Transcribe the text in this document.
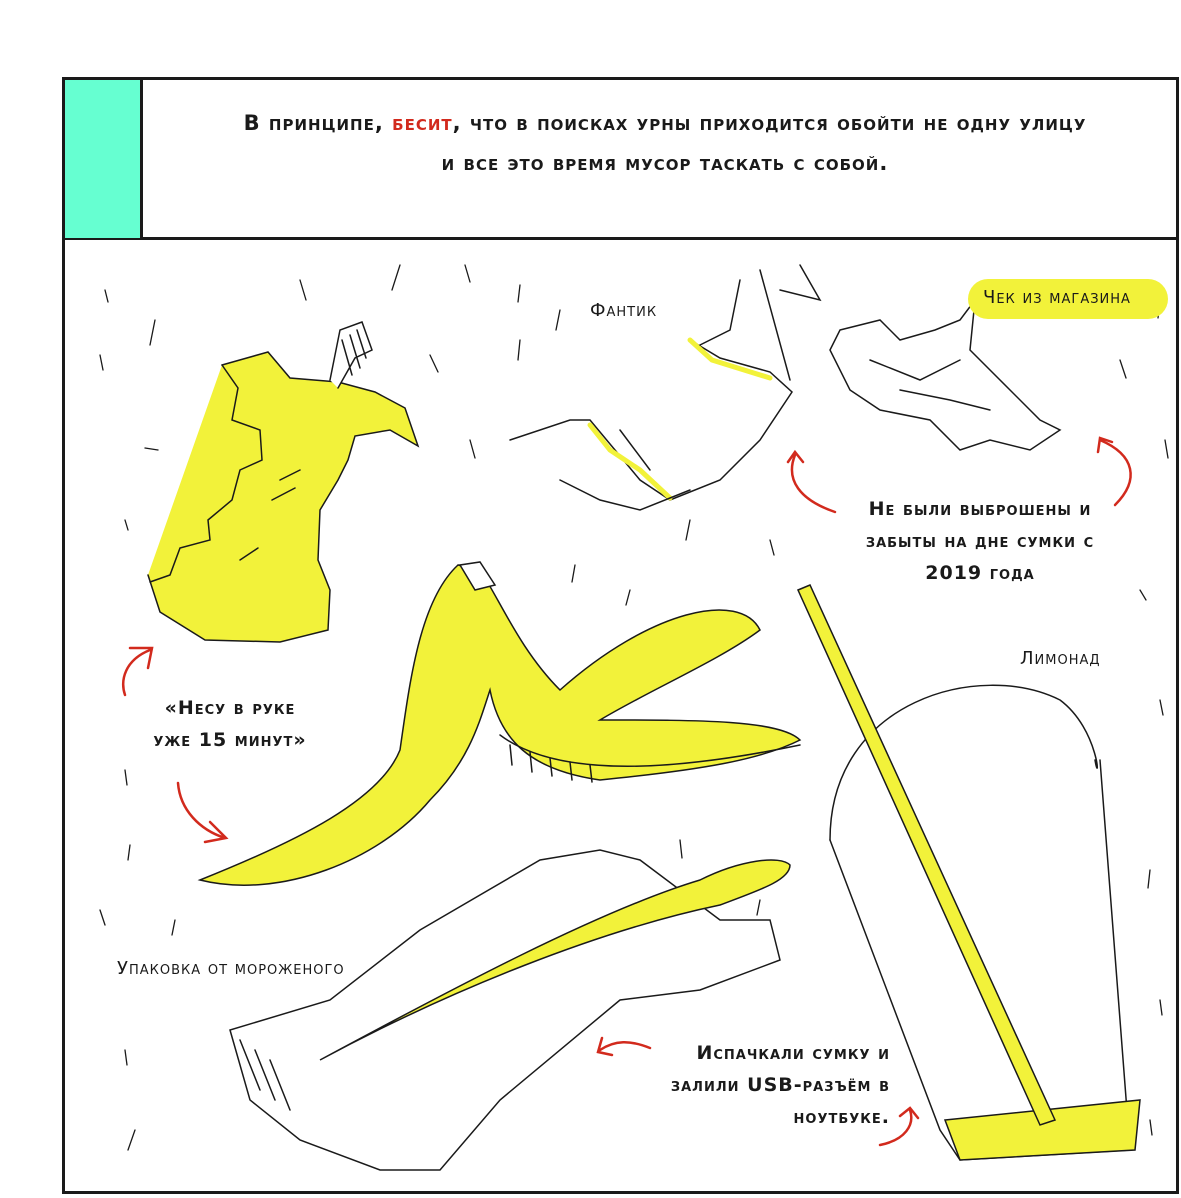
В принципе, бесит, что в поисках урны приходится обойти не одну улицу
и все это время мусор таскать с собой.
Фантик
Чек из магазина
Лимонад
Упаковка от мороженого
Не были выброшены и
забыты на дне сумки с
2019 года
«Несу в руке
уже 15 минут»
Испачкали сумку и
залили USB-разъём в
ноутбуке.
